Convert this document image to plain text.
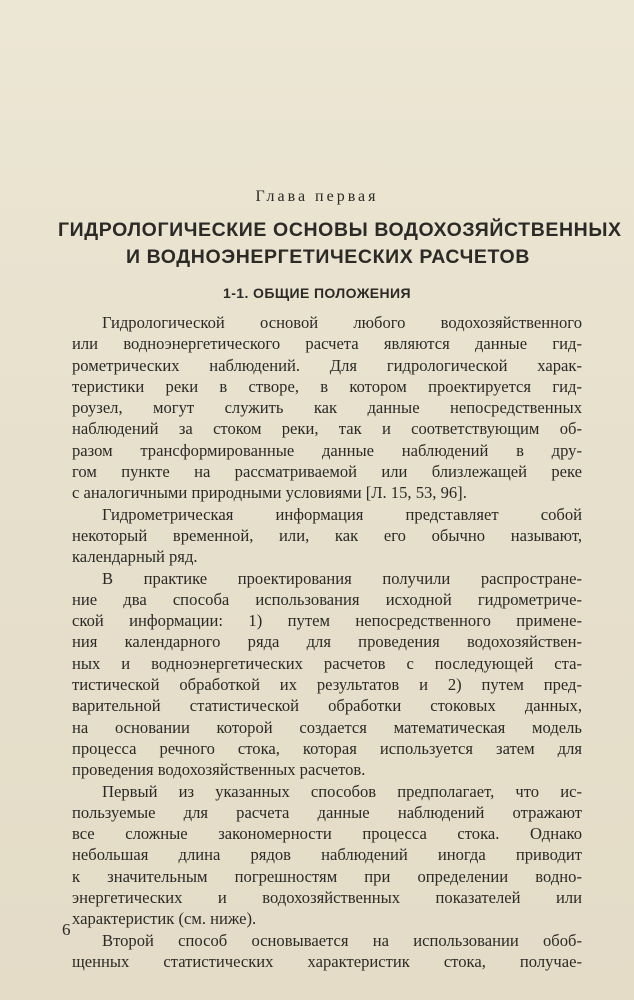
Глава первая
ГИДРОЛОГИЧЕСКИЕ ОСНОВЫ ВОДОХОЗЯЙСТВЕННЫХ
И ВОДНОЭНЕРГЕТИЧЕСКИХ РАСЧЕТОВ
1-1. ОБЩИЕ ПОЛОЖЕНИЯ
Гидрологической основой любого водохозяйственного
или водноэнергетического расчета являются данные гид-
рометрических наблюдений. Для гидрологической харак-
теристики реки в створе, в котором проектируется гид-
роузел, могут служить как данные непосредственных
наблюдений за стоком реки, так и соответствующим об-
разом трансформированные данные наблюдений в дру-
гом пункте на рассматриваемой или близлежащей реке
с аналогичными природными условиями [Л. 15, 53, 96].
Гидрометрическая информация представляет собой
некоторый временной, или, как его обычно называют,
календарный ряд.
В практике проектирования получили распростране-
ние два способа использования исходной гидрометриче-
ской информации: 1) путем непосредственного примене-
ния календарного ряда для проведения водохозяйствен-
ных и водноэнергетических расчетов с последующей ста-
тистической обработкой их результатов и 2) путем пред-
варительной статистической обработки стоковых данных,
на основании которой создается математическая модель
процесса речного стока, которая используется затем для
проведения водохозяйственных расчетов.
Первый из указанных способов предполагает, что ис-
пользуемые для расчета данные наблюдений отражают
все сложные закономерности процесса стока. Однако
небольшая длина рядов наблюдений иногда приводит
к значительным погрешностям при определении водно-
энергетических и водохозяйственных показателей или
характеристик (см. ниже).
Второй способ основывается на использовании обоб-
щенных статистических характеристик стока, получае-
6
